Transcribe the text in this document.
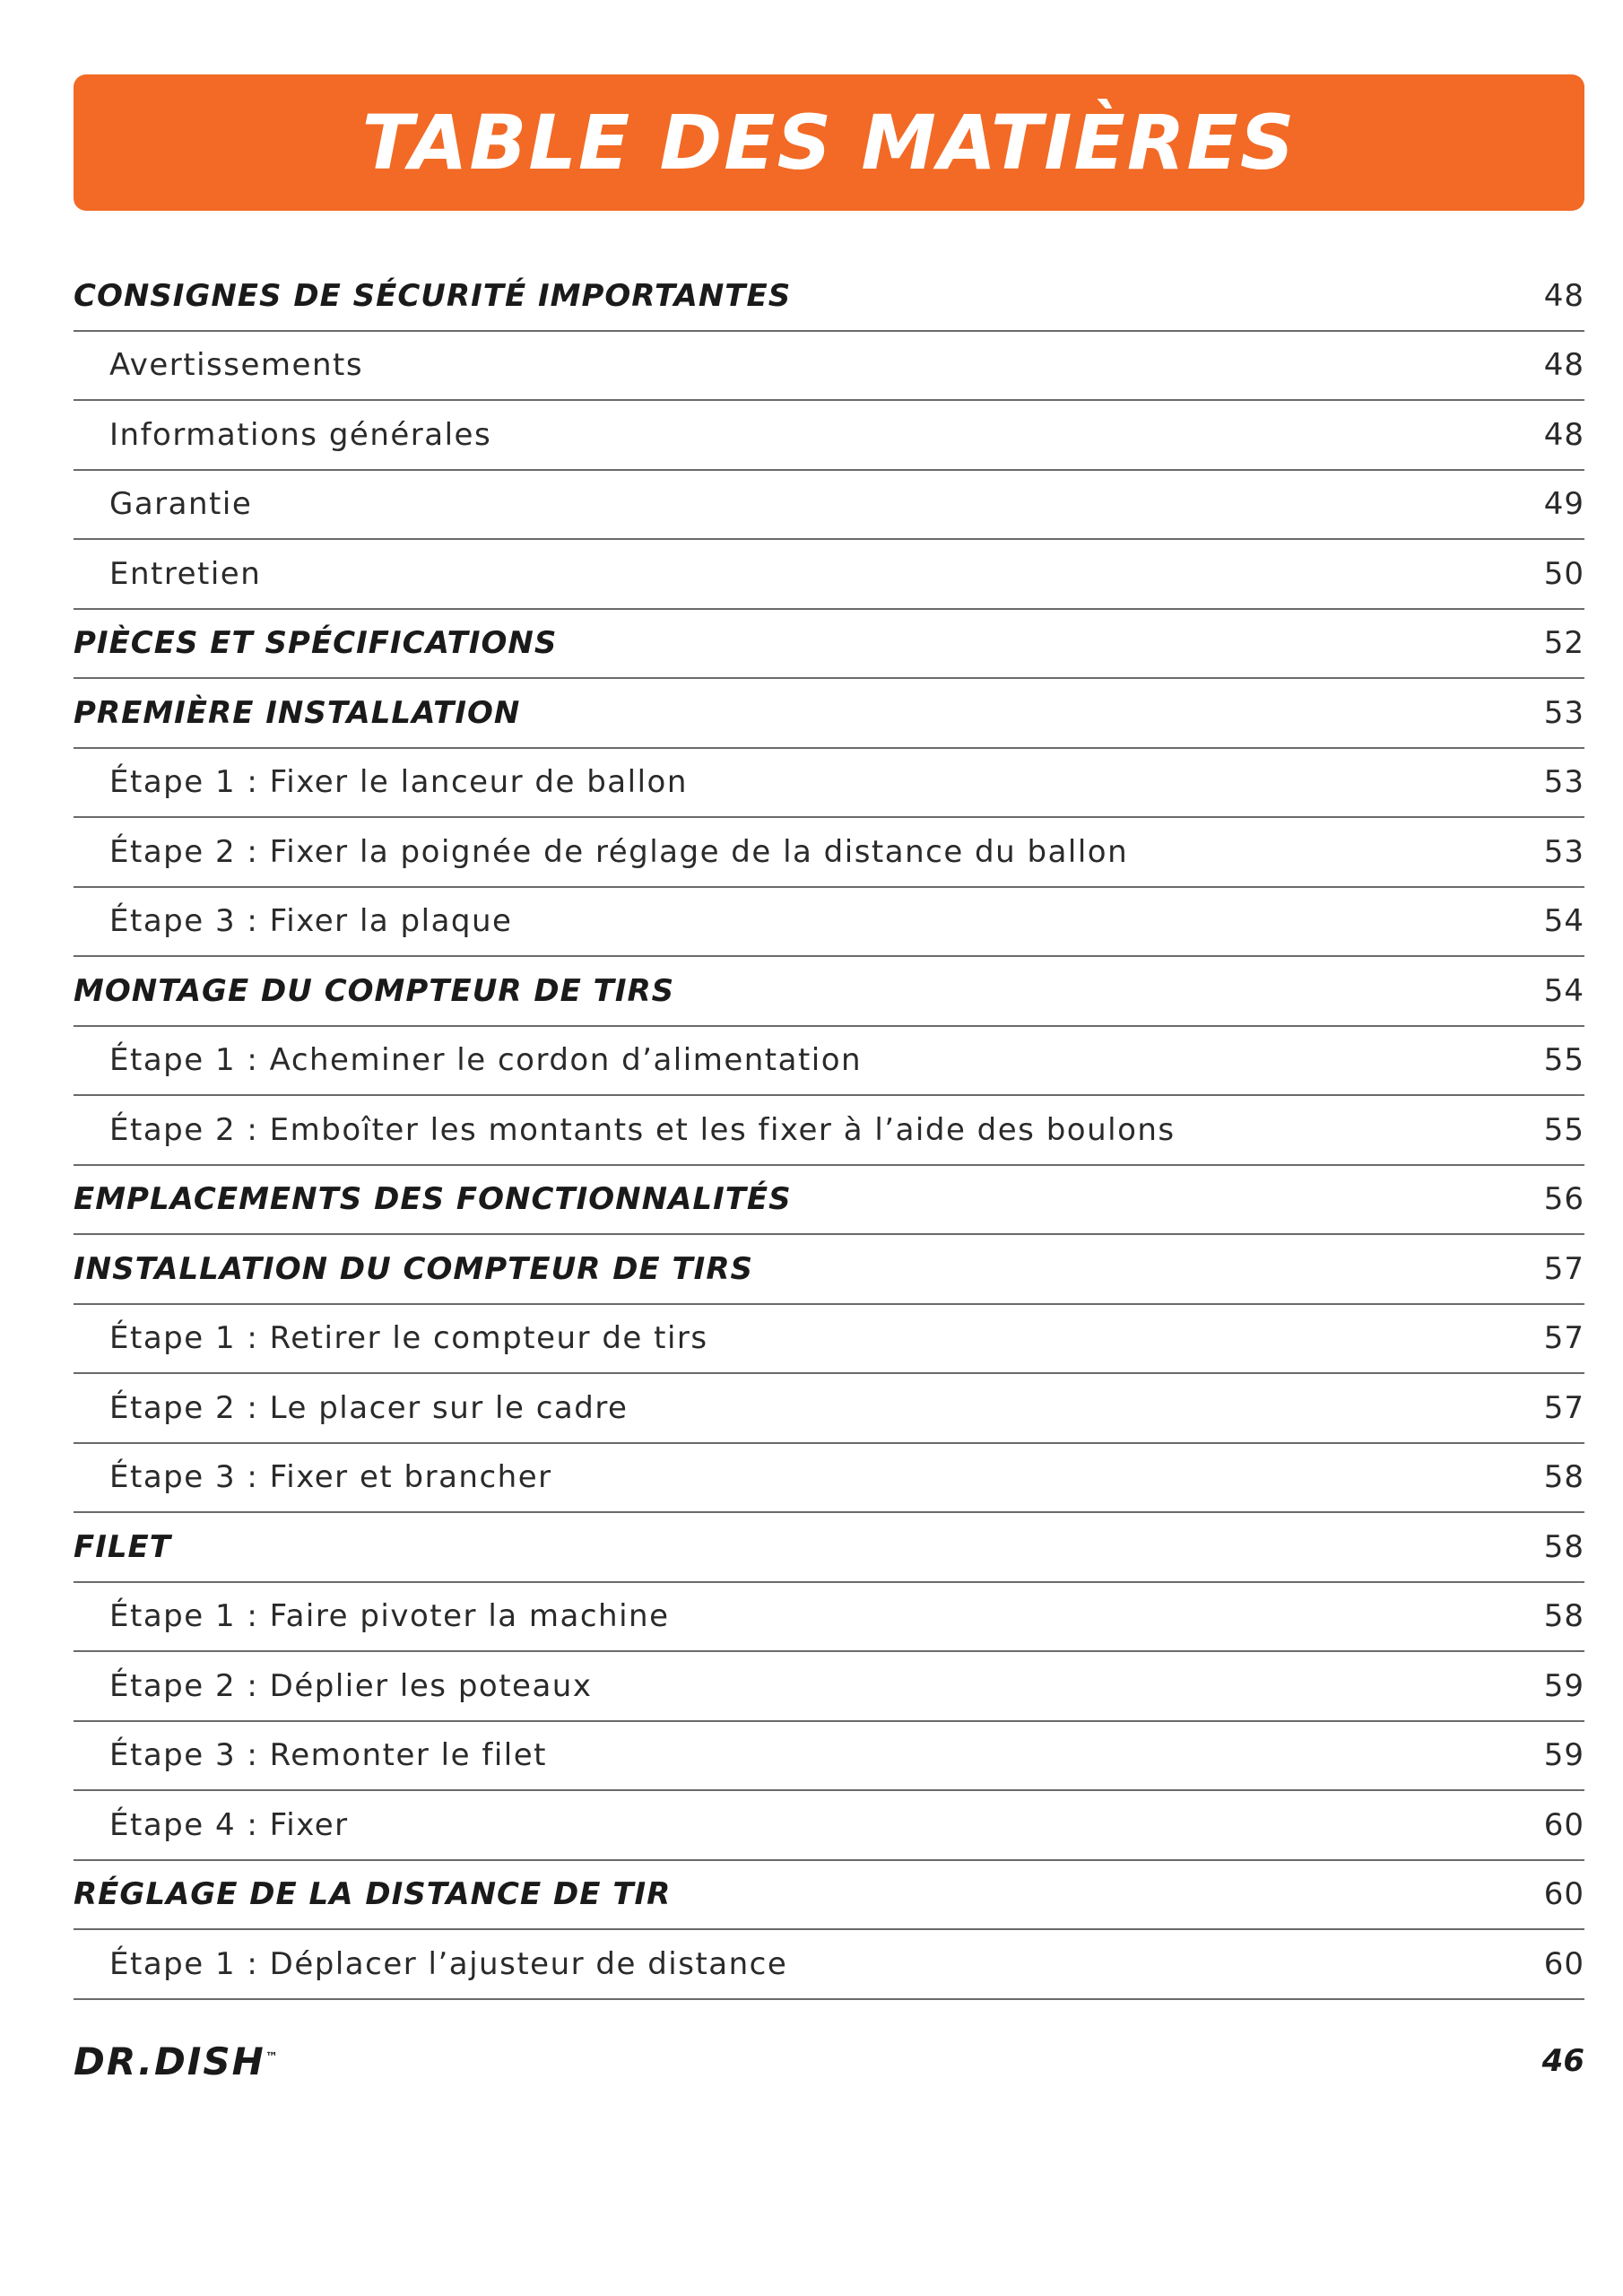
TABLE DES MATIÈRES
CONSIGNES DE SÉCURITÉ IMPORTANTES	48
Avertissements	48
Informations générales	48
Garantie	49
Entretien	50
PIÈCES ET SPÉCIFICATIONS	52
PREMIÈRE INSTALLATION	53
Étape 1 : Fixer le lanceur de ballon	53
Étape 2 : Fixer la poignée de réglage de la distance du ballon	53
Étape 3 : Fixer la plaque	54
MONTAGE DU COMPTEUR DE TIRS	54
Étape 1 : Acheminer le cordon d’alimentation	55
Étape 2 : Emboîter les montants et les fixer à l’aide des boulons	55
EMPLACEMENTS DES FONCTIONNALITÉS	56
INSTALLATION DU COMPTEUR DE TIRS	57
Étape 1 : Retirer le compteur de tirs	57
Étape 2 : Le placer sur le cadre	57
Étape 3 : Fixer et brancher	58
FILET	58
Étape 1 : Faire pivoter la machine	58
Étape 2 : Déplier les poteaux	59
Étape 3 : Remonter le filet	59
Étape 4 : Fixer	60
RÉGLAGE DE LA DISTANCE DE TIR	60
Étape 1 : Déplacer l’ajusteur de distance	60
DR.DISH™	46
